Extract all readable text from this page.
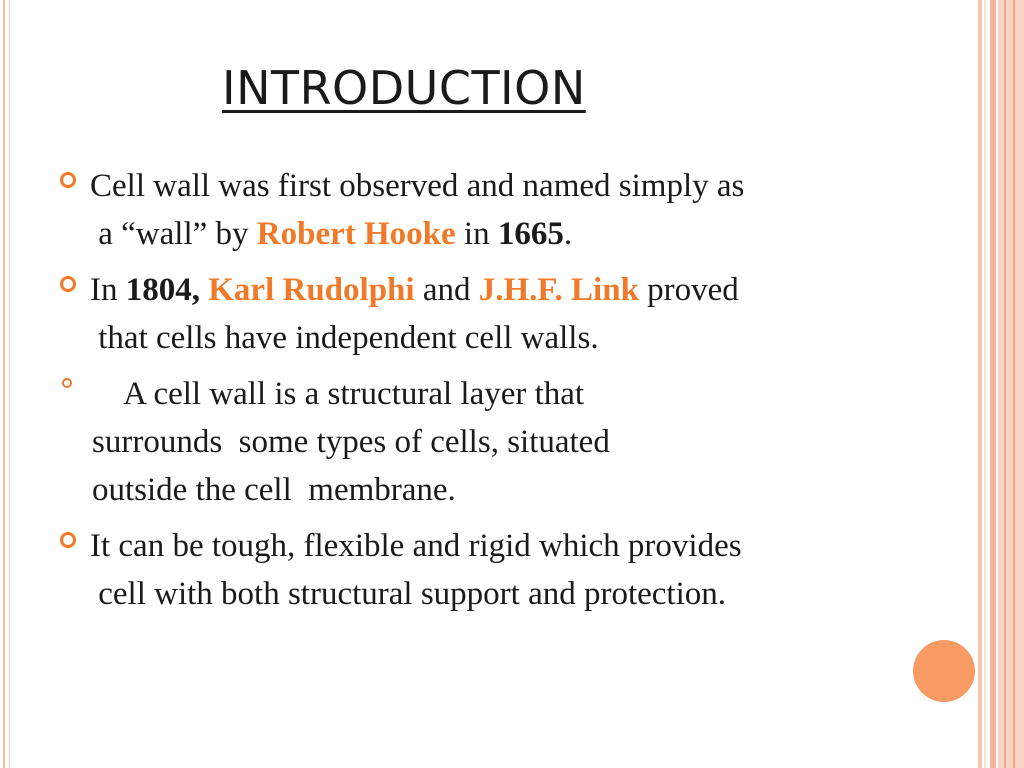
INTRODUCTION
Cell wall was first observed and named simply as
a “wall” by Robert Hooke in 1665.
In 1804, Karl Rudolphi and J.H.F. Link proved
that cells have independent cell walls.
A cell wall is a structural layer that
surrounds  some types of cells, situated
outside the cell  membrane.
It can be tough, flexible and rigid which provides
cell with both structural support and protection.
